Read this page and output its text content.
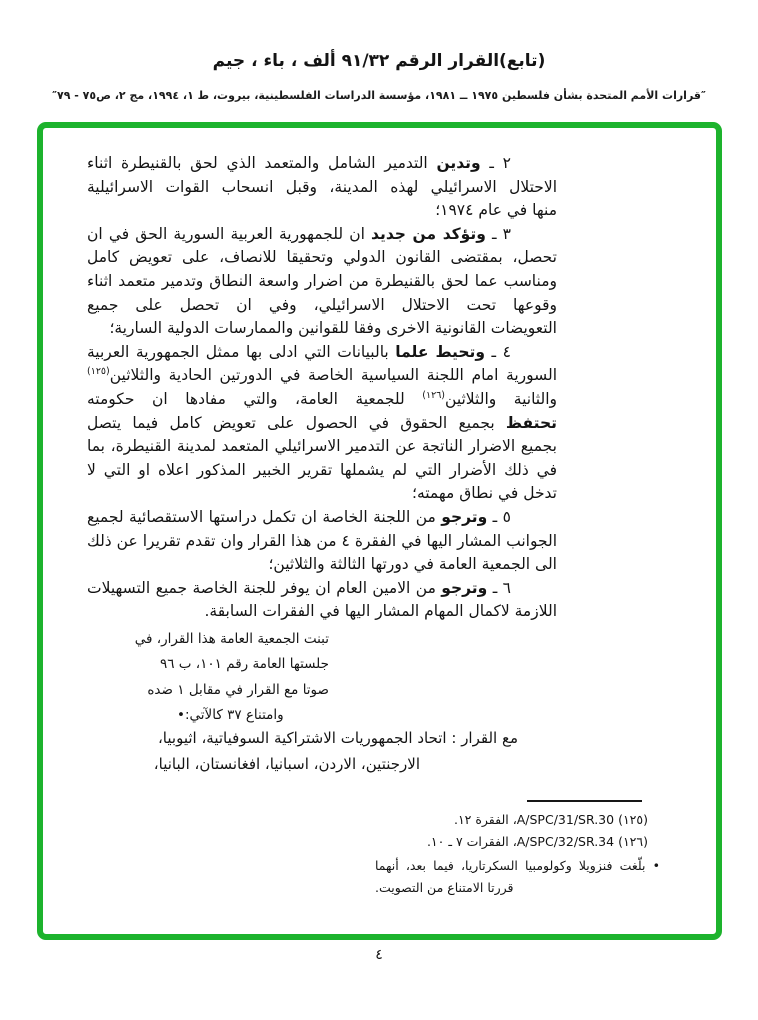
(تابع)القرار الرقم ٩١/٣٢ ألف ، باء ، جيم
″قرارات الأمم المتحدة بشأن فلسطين ١٩٧٥ ــ ١٩٨١، مؤسسة الدراسات الفلسطينية، بيروت، ط ١، ١٩٩٤، مج ٢، ص٧٥ - ٧٩″
٢ ـ وتدين التدمير الشامل والمتعمد الذي لحق بالقنيطرة اثناء
الاحتلال الاسرائيلي لهذه المدينة، وقبل انسحاب القوات الاسرائيلية
منها في عام ١٩٧٤؛
٣ ـ وتؤكد من جديد ان للجمهورية العربية السورية الحق في ان
تحصل، بمقتضى القانون الدولي وتحقيقا للانصاف، على تعويض كامل
ومناسب عما لحق بالقنيطرة من اضرار واسعة النطاق وتدمير متعمد اثناء
وقوعها تحت الاحتلال الاسرائيلي، وفي ان تحصل على جميع
التعويضات القانونية الاخرى وفقا للقوانين والممارسات الدولية السارية؛
٤ ـ وتحيط علما بالبيانات التي ادلى بها ممثل الجمهورية العربية
السورية امام اللجنة السياسية الخاصة في الدورتين الحادية والثلاثين$^{(١٢٥)}$
والثانية والثلاثين$^{(١٢٦)}$ للجمعية العامة، والتي مفادها ان حكومته
تحتفظ بجميع الحقوق في الحصول على تعويض كامل فيما يتصل
بجميع الاضرار الناتجة عن التدمير الاسرائيلي المتعمد لمدينة القنيطرة، بما
في ذلك الأضرار التي لم يشملها تقرير الخبير المذكور اعلاه او التي لا
تدخل في نطاق مهمته؛
٥ ـ وترجو من اللجنة الخاصة ان تكمل دراستها الاستقصائية لجميع
الجوانب المشار اليها في الفقرة ٤ من هذا القرار وان تقدم تقريرا عن ذلك
الى الجمعية العامة في دورتها الثالثة والثلاثين؛
٦ ـ وترجو من الامين العام ان يوفر للجنة الخاصة جميع التسهيلات
اللازمة لاكمال المهام المشار اليها في الفقرات السابقة.
تبنت الجمعية العامة هذا القرار، في
جلستها العامة رقم ١٠١، ب ٩٦
صوتا مع القرار في مقابل ١ ضده
وامتناع ٣٧ كالآتي:•
مع القرار : اتحاد الجمهوريات الاشتراكية السوفياتية، اثيوبيا،
الارجنتين، الاردن، اسبانيا، افغانستان، البانيا،
(١٢٥) A/SPC/31/SR.30، الفقرة ١٢.
(١٢٦) A/SPC/32/SR.34، الفقرات ٧ ـ ١٠.
• بلّغت فنزويلا وكولومبيا السكرتاريا، فيما بعد، أنهما قررتا الامتناع من التصويت.
٤
